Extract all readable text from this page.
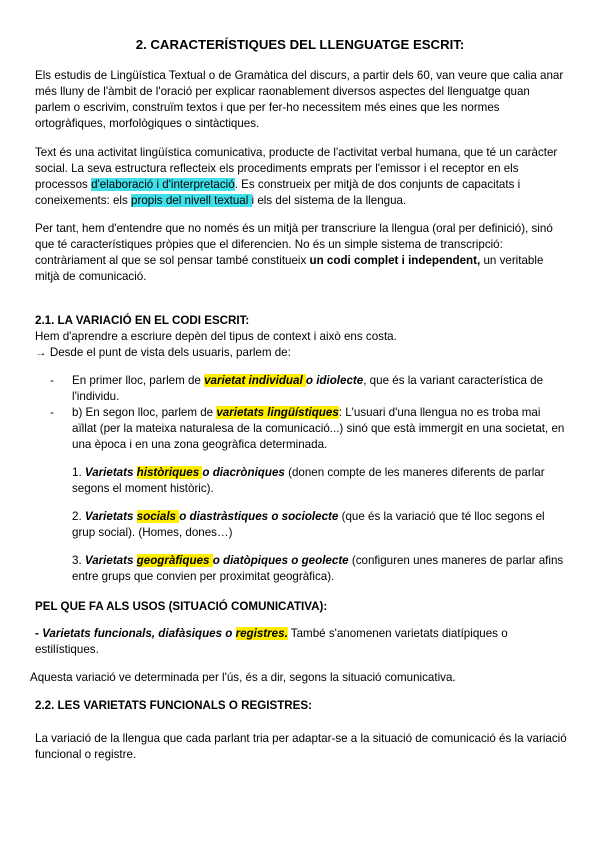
2. CARACTERÍSTIQUES DEL LLENGUATGE ESCRIT:

Els estudis de Lingüística Textual o de Gramàtica del discurs, a partir dels 60, van veure que calia anar més lluny de l'àmbit de l'oració per explicar raonablement diversos aspectes del llenguatge quan parlem o escrivim, construïm textos i que per fer-ho necessitem més eines que les normes ortogràfiques, morfològiques o sintàctiques.

Text és una activitat lingüística comunicativa, producte de l'activitat verbal humana, que té un caràcter social. La seva estructura reflecteix els procediments emprats per l'emissor i el receptor en els processos d'elaboració i d'interpretació. Es construeix per mitjà de dos conjunts de capacitats i coneixements: els propis del nivell textual i els del sistema de la llengua.

Per tant, hem d'entendre que no només és un mitjà per transcriure la llengua (oral per definició), sinó que té característiques pròpies que el diferencien. No és un simple sistema de transcripció: contràriament al que se sol pensar també constitueix un codi complet i independent, un veritable mitjà de comunicació.

2.1. LA VARIACIÓ EN EL CODI ESCRIT:
Hem d'aprendre a escriure depèn del tipus de context i això ens costa.
→ Desde el punt de vista dels usuaris, parlem de:
-	En primer lloc, parlem de varietat individual o idiolecte, que és la variant característica de l'individu.

-	b) En segon lloc, parlem de varietats lingüístiques: L'usuari d'una llengua no es troba mai aïllat (per la mateixa naturalesa de la comunicació...) sinó que està immergit en una societat, en una època i en una zona geogràfica determinada.

1. Varietats històriques o diacròniques (donen compte de les maneres diferents de parlar segons el moment històric).

2. Varietats socials o diastràstiques o sociolecte (que és la variació que té lloc segons el grup social). (Homes, dones…)

3. Varietats geogràfiques o diatòpiques o geolecte (configuren unes maneres de parlar afins entre grups que convien per proximitat geogràfica).

PEL QUE FA ALS USOS (SITUACIÓ COMUNICATIVA):

- Varietats funcionals, diafàsiques o registres. També s'anomenen varietats diatípiques o estilístiques.

Aquesta variació ve determinada per l'ús, és a dir, segons la situació comunicativa.
2.2. LES VARIETATS FUNCIONALS O REGISTRES:

La variació de la llengua que cada parlant tria per adaptar-se a la situació de comunicació és la variació funcional o registre.
